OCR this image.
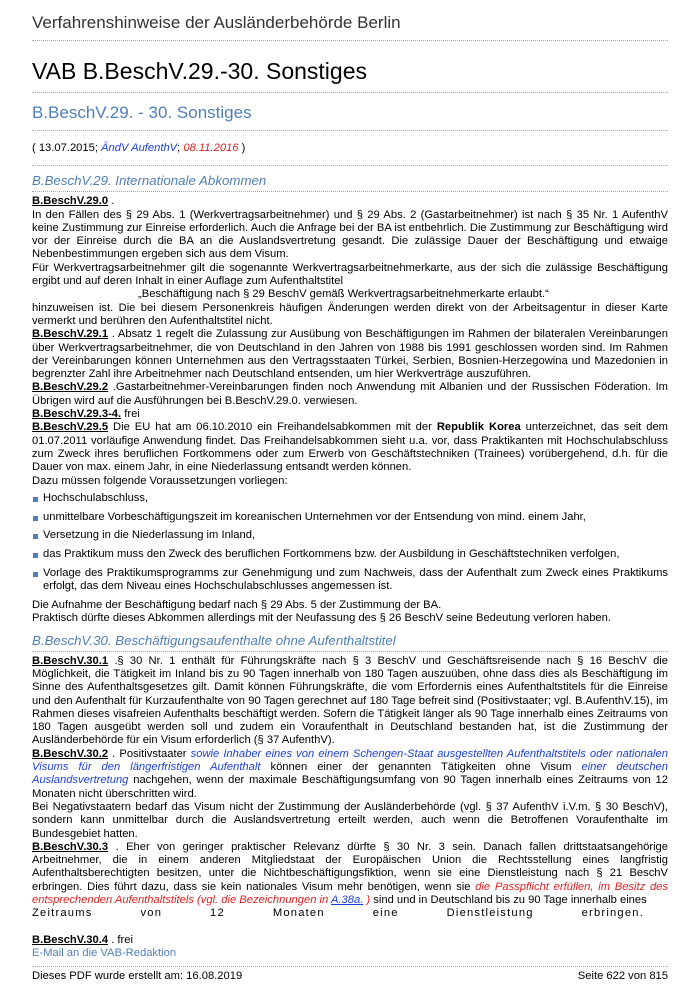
Verfahrenshinweise der Ausländerbehörde Berlin
VAB B.BeschV.29.-30. Sonstiges
B.BeschV.29. - 30. Sonstiges
( 13.07.2015; ÄndV AufenthV; 08.11.2016 )
B.BeschV.29. Internationale Abkommen

B.BeschV.29.0 .

In den Fällen des § 29 Abs. 1 (Werkvertragsarbeitnehmer) und § 29 Abs. 2 (Gastarbeitnehmer) ist nach § 35 Nr. 1 AufenthV keine Zustimmung zur Einreise erforderlich. Auch die Anfrage bei der BA ist entbehrlich. Die Zustimmung zur Beschäftigung wird vor der Einreise durch die BA an die Auslandsvertretung gesandt. Die zulässige Dauer der Beschäftigung und etwaige Nebenbestimmungen ergeben sich aus dem Visum.

Für Werkvertragsarbeitnehmer gilt die sogenannte Werkvertragsarbeitnehmerkarte, aus der sich die zulässige Beschäftigung ergibt und auf deren Inhalt in einer Auflage zum Aufenthaltstitel

„Beschäftigung nach § 29 BeschV gemäß Werkvertragsarbeitnehmerkarte erlaubt.“

hinzuweisen ist. Die bei diesem Personenkreis häufigen Änderungen werden direkt von der Arbeitsagentur in dieser Karte vermerkt und berühren den Aufenthaltstitel nicht.

B.BeschV.29.1 . Absatz 1 regelt die Zulassung zur Ausübung von Beschäftigungen im Rahmen der bilateralen Vereinbarungen über Werkvertragsarbeitnehmer, die von Deutschland in den Jahren von 1988 bis 1991 geschlossen worden sind. Im Rahmen der Vereinbarungen können Unternehmen aus den Vertragsstaaten Türkei, Serbien, Bosnien-Herzegowina und Mazedonien in begrenzter Zahl ihre Arbeitnehmer nach Deutschland entsenden, um hier Werkverträge auszuführen.

B.BeschV.29.2 .Gastarbeitnehmer-Vereinbarungen finden noch Anwendung mit Albanien und der Russischen Föderation. Im Übrigen wird auf die Ausführungen bei B.BeschV.29.0. verwiesen.

B.BeschV.29.3-4. frei

B.BeschV.29.5 Die EU hat am 06.10.2010 ein Freihandelsabkommen mit der Republik Korea unterzeichnet, das seit dem 01.07.2011 vorläufige Anwendung findet. Das Freihandelsabkommen sieht u.a. vor, dass Praktikanten mit Hochschulabschluss zum Zweck ihres beruflichen Fortkommens oder zum Erwerb von Geschäftstechniken (Trainees) vorübergehend, d.h. für die Dauer von max. einem Jahr, in eine Niederlassung entsandt werden können.

Dazu müssen folgende Voraussetzungen vorliegen:

Hochschulabschluss,
unmittelbare Vorbeschäftigungszeit im koreanischen Unternehmen vor der Entsendung von mind. einem Jahr,
Versetzung in die Niederlassung im Inland,
das Praktikum muss den Zweck des beruflichen Fortkommens bzw. der Ausbildung in Geschäftstechniken verfolgen,
Vorlage des Praktikumsprogramms zur Genehmigung und zum Nachweis, dass der Aufenthalt zum Zweck eines Praktikums erfolgt, das dem Niveau eines Hochschulabschlusses angemessen ist.

Die Aufnahme der Beschäftigung bedarf nach § 29 Abs. 5 der Zustimmung der BA.

Praktisch dürfte dieses Abkommen allerdings mit der Neufassung des § 26 BeschV seine Bedeutung verloren haben.

B.BeschV.30. Beschäftigungsaufenthalte ohne Aufenthaltstitel

B.BeschV.30.1 .§ 30 Nr. 1 enthält für Führungskräfte nach § 3 BeschV und Geschäftsreisende nach § 16 BeschV die Möglichkeit, die Tätigkeit im Inland bis zu 90 Tagen innerhalb von 180 Tagen auszuüben, ohne dass dies als Beschäftigung im Sinne des Aufenthaltsgesetzes gilt. Damit können Führungskräfte, die vom Erfordernis eines Aufenthaltstitels für die Einreise und den Aufenthalt für Kurzaufenthalte von 90 Tagen gerechnet auf 180 Tage befreit sind (Positivstaater; vgl. B.AufenthV.15), im Rahmen dieses visafreien Aufenthalts beschäftigt werden. Sofern die Tätigkeit länger als 90 Tage innerhalb eines Zeitraums von 180 Tagen ausgeübt werden soll und zudem ein Voraufenthalt in Deutschland bestanden hat, ist die Zustimmung der Ausländerbehörde für ein Visum erforderlich (§ 37 AufenthV).

B.BeschV.30.2 . Positivstaater sowie Inhaber eines von einem Schengen-Staat ausgestellten Aufenthaltstitels oder nationalen Visums für den längerfristigen Aufenthalt können einer der genannten Tätigkeiten ohne Visum einer deutschen Auslandsvertretung nachgehen, wenn der maximale Beschäftigungsumfang von 90 Tagen innerhalb eines Zeitraums von 12 Monaten nicht überschritten wird.

Bei Negativstaatern bedarf das Visum nicht der Zustimmung der Ausländerbehörde (vgl. § 37 AufenthV i.V.m. § 30 BeschV), sondern kann unmittelbar durch die Auslandsvertretung erteilt werden, auch wenn die Betroffenen Voraufenthalte im Bundesgebiet hatten.

B.BeschV.30.3 . Eher von geringer praktischer Relevanz dürfte § 30 Nr. 3 sein. Danach fallen drittstaatsangehörige Arbeitnehmer, die in einem anderen Mitgliedstaat der Europäischen Union die Rechtsstellung eines langfristig Aufenthaltsberechtigten besitzen, unter die Nichtbeschäftigungsfiktion, wenn sie eine Dienstleistung nach § 21 BeschV erbringen. Dies führt dazu, dass sie kein nationales Visum mehr benötigen, wenn sie die Passpflicht erfüllen, im Besitz des entsprechenden Aufenthaltstitels (vgl. die Bezeichnungen in A.38a. ) sind und in Deutschland bis zu 90 Tage innerhalb eines

Zeitraums von 12 Monaten eine Dienstleistung erbringen.

B.BeschV.30.4 . frei

E-Mail an die VAB-Redaktion

Dieses PDF wurde erstellt am: 16.08.2019	Seite 622 von 815
